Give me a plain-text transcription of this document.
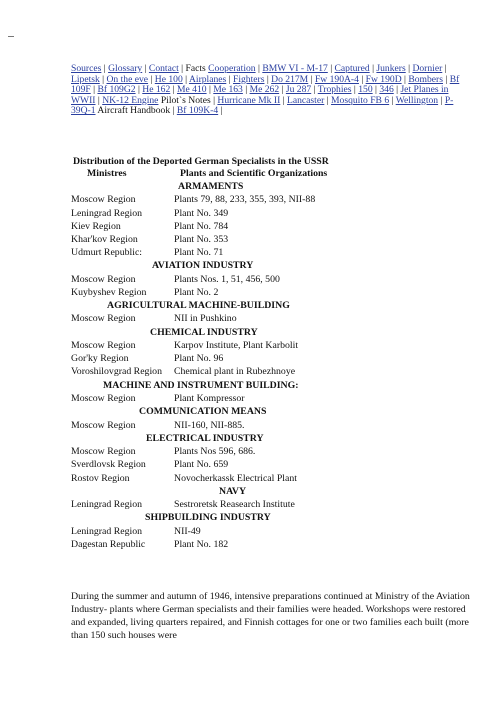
Sources | Glossary | Contact | Facts Cooperation | BMW VI - M-17 | Captured | Junkers | Dornier | Lipetsk | On the eve | He 100 | Airplanes | Fighters | Do 217M | Fw 190A-4 | Fw 190D | Bombers | Bf 109F | Bf 109G2 | He 162 | Me 410 | Me 163 | Me 262 | Ju 287 | Trophies | 150 | 346 | Jet Planes in WWII | NK-12 Engine Pilot`s Notes | Hurricane Mk II | Lancaster | Mosquito FB 6 | Wellington | P-39Q-1 Aircraft Handbook | Bf 109K-4 |
Distribution of the Deported German Specialists in the USSR
Ministres	Plants and Scientific Organizations
ARMAMENTS
Moscow Region	Plants 79, 88, 233, 355, 393, NII-88
Leningrad Region	Plant No. 349
Kiev Region	Plant No. 784
Khar'kov Region	Plant No. 353
Udmurt Republic:	Plant No. 71
AVIATION INDUSTRY
Moscow Region	Plants Nos. 1, 51, 456, 500
Kuybyshev Region	Plant No. 2
AGRICULTURAL MACHINE-BUILDING
Moscow Region	NII in Pushkino
CHEMICAL INDUSTRY
Moscow Region	Karpov Institute, Plant Karbolit
Gor'ky Region	Plant No. 96
Voroshilovgrad Region Chemical plant in Rubezhnoye
MACHINE AND INSTRUMENT BUILDING:
Moscow Region	Plant Kompressor
COMMUNICATION MEANS
Moscow Region	NII-160, NII-885.
ELECTRICAL INDUSTRY
Moscow Region	Plants Nos 596, 686.
Sverdlovsk Region	Plant No. 659
Rostov Region	Novocherkassk Electrical Plant
NAVY
Leningrad Region	Sestroretsk Reasearch Institute
SHIPBUILDING INDUSTRY
Leningrad Region	NII-49
Dagestan Republic	Plant No. 182
During the summer and autumn of 1946, intensive preparations continued at Ministry of the Aviation Industry- plants where German specialists and their families were headed. Workshops were restored and expanded, living quarters repaired, and Finnish cottages for one or two families each built (more than 150 such houses were
